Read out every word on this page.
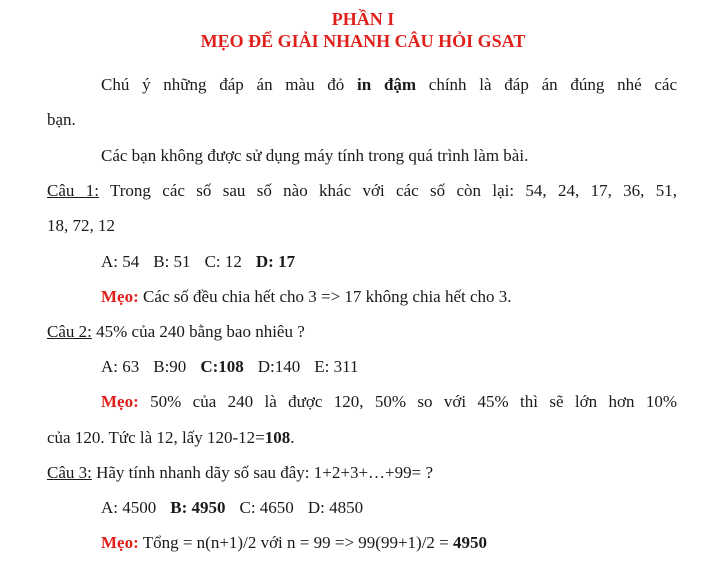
PHẦN I
MẸO ĐỂ GIẢI NHANH CÂU HỎI GSAT
Chú ý những đáp án màu đỏ in đậm chính là đáp án đúng nhé các
bạn.
Các bạn không được sử dụng máy tính trong quá trình làm bài.
Câu 1: Trong các số sau số nào khác với các số còn lại: 54, 24, 17, 36, 51,
18, 72, 12
A: 54 B: 51 C: 12 D: 17
Mẹo: Các số đều chia hết cho 3 => 17 không chia hết cho 3.
Câu 2: 45% của 240 bằng bao nhiêu ?
A: 63 B:90 C:108 D:140 E: 311
Mẹo: 50% của 240 là được 120, 50% so với 45% thì sẽ lớn hơn 10%
của 120. Tức là 12, lấy 120-12=108.
Câu 3: Hãy tính nhanh dãy số sau đây: 1+2+3+…+99= ?
A: 4500 B: 4950 C: 4650 D: 4850
Mẹo: Tổng = n(n+1)/2 với n = 99 => 99(99+1)/2 = 4950
